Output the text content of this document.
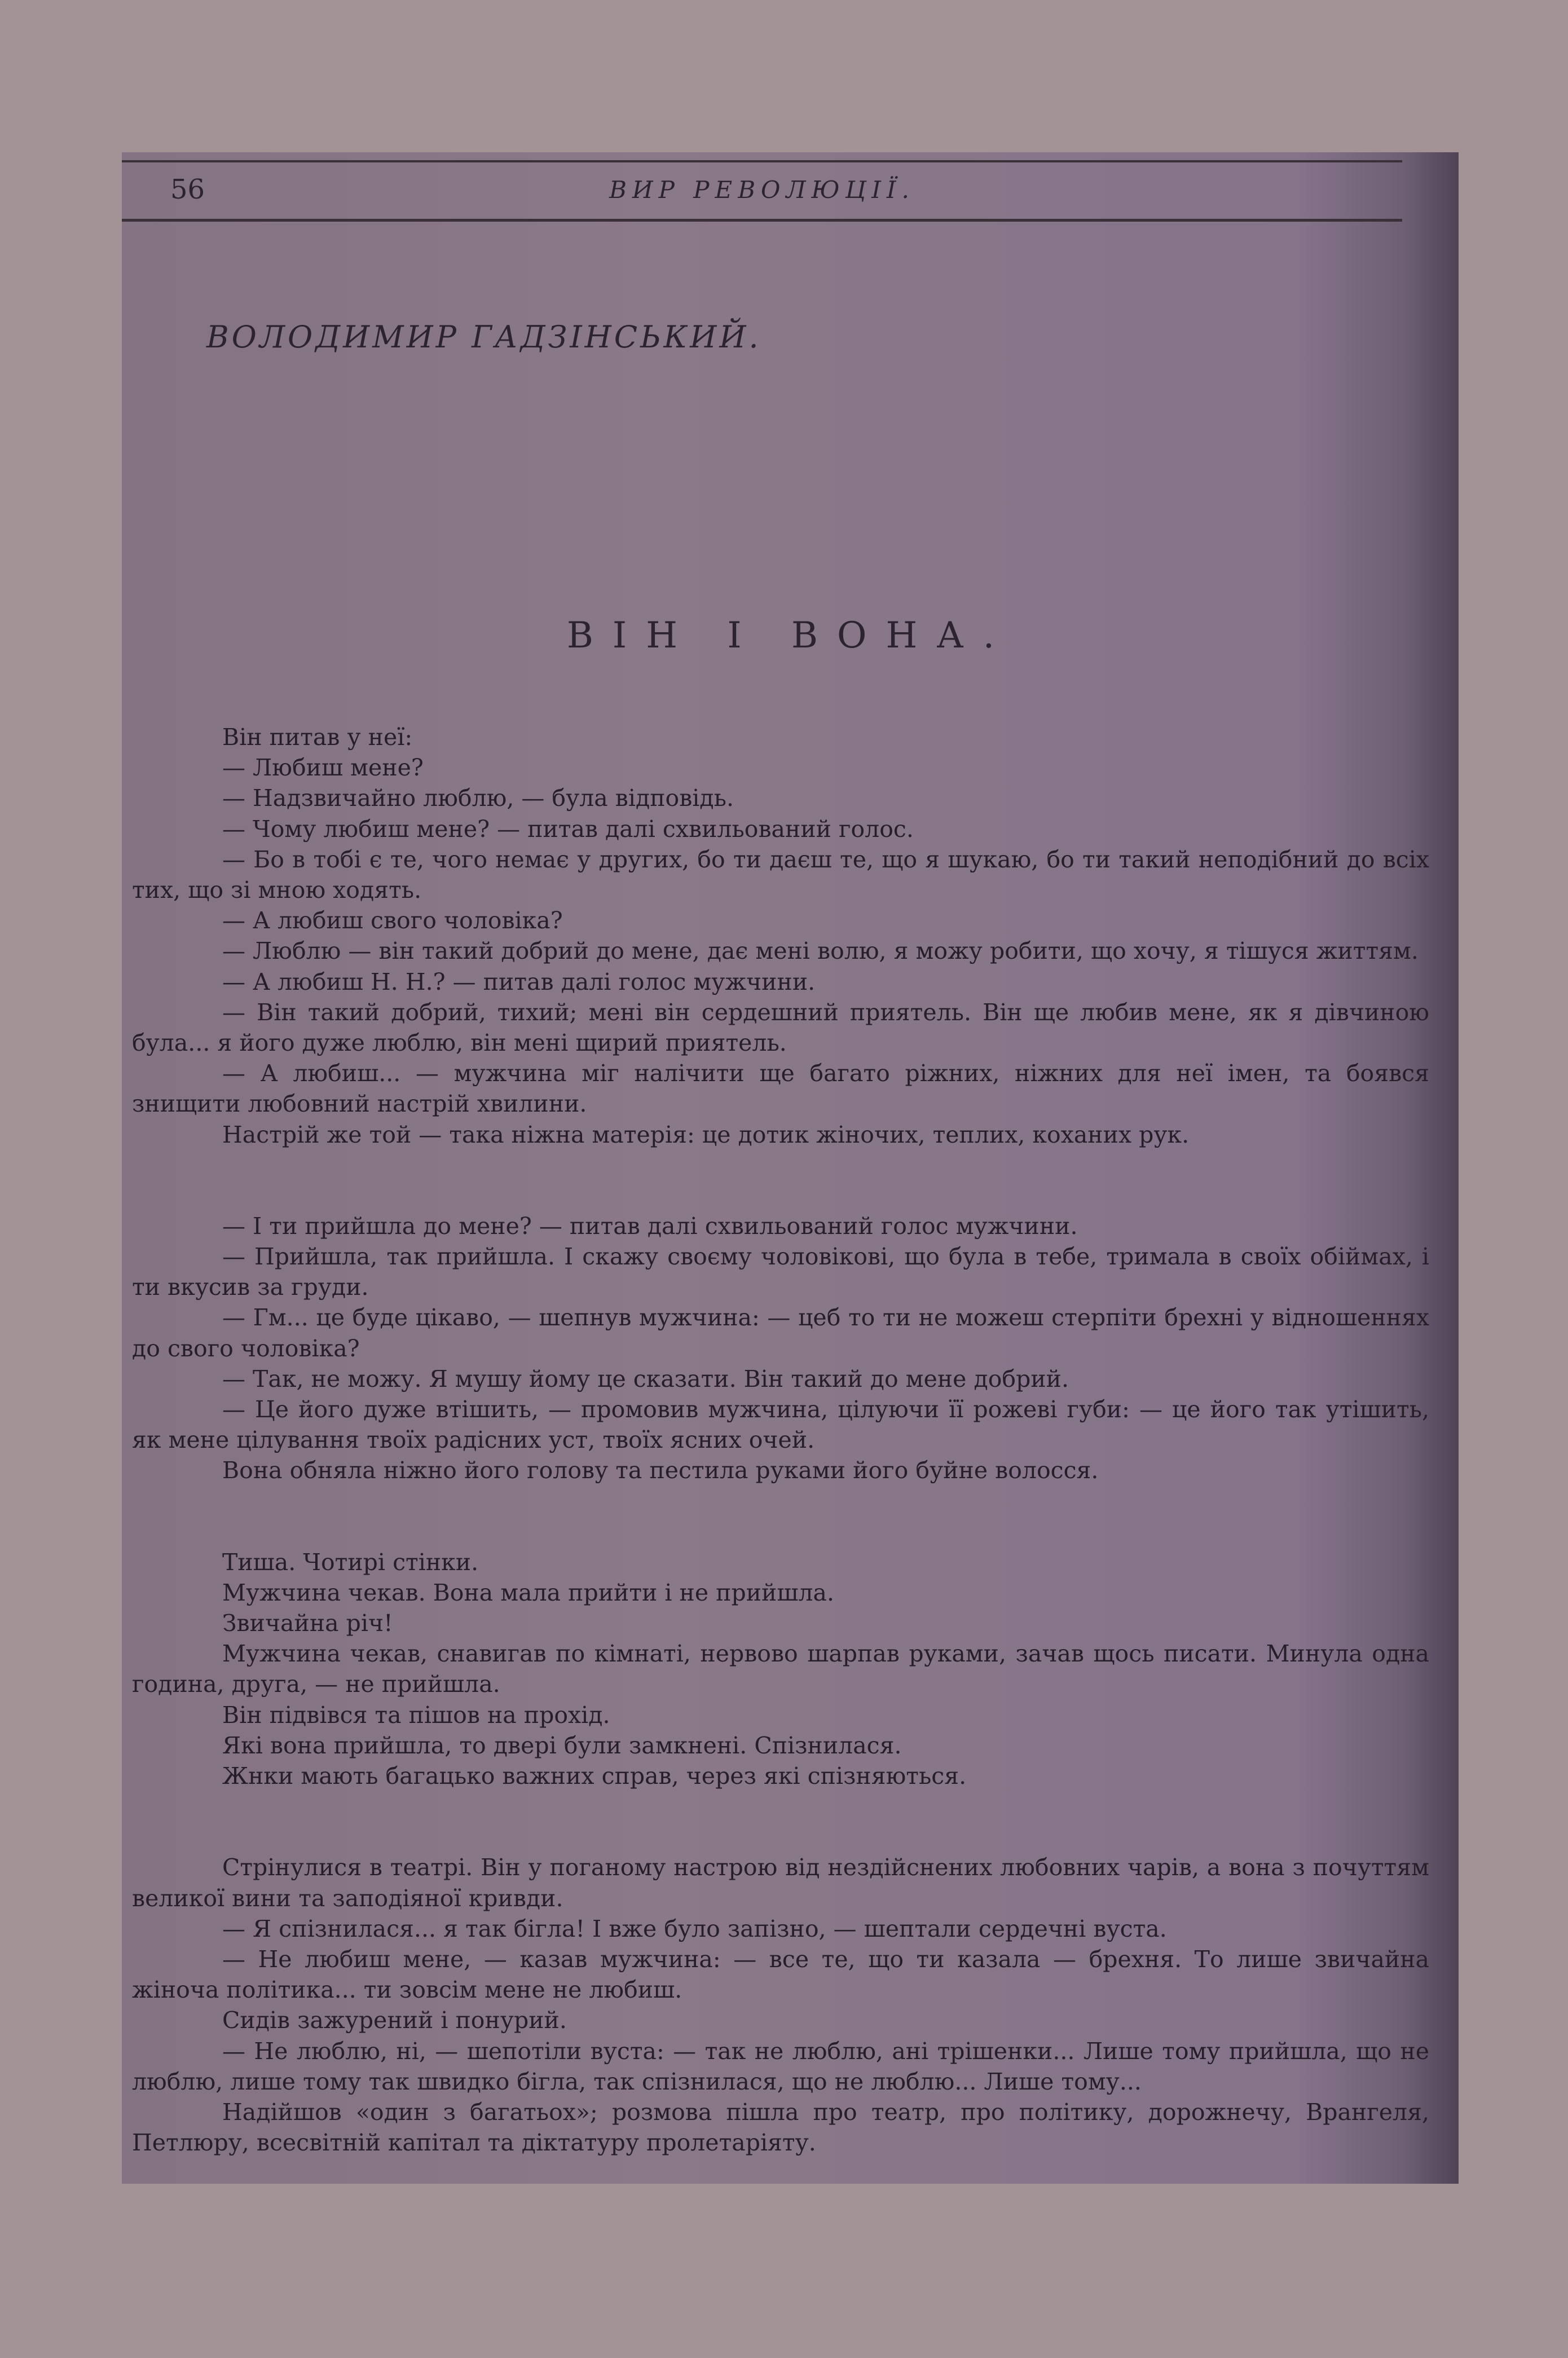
56	ВИР РЕВОЛЮЦІЇ.
ВОЛОДИМИР ГАДЗІНСЬКИЙ.
ВІН І ВОНА.

Він питав у неї:

— Любиш мене?

— Надзвичайно люблю, — була відповідь.

— Чому любиш мене? — питав далі схвильований голос.

— Бо в тобі є те, чого немає у других, бо ти даєш те, що я шукаю, бо ти такий неподібний до всіх тих, що зі мною ходять.

— А любиш свого чоловіка?

— Люблю — він такий добрий до мене, дає мені волю, я можу робити, що хочу, я тішуся життям.

— А любиш Н. Н.? — питав далі голос мужчини.

— Він такий добрий, тихий; мені він сердешний приятель. Він ще любив мене, як я дівчиною була... я його дуже люблю, він мені щирий приятель.

— А любиш... — мужчина міг налічити ще багато ріжних, ніжних для неї імен, та боявся знищити любовний настрій хвилини.

Настрій же той — така ніжна матерія: це дотик жіночих, теплих, коханих рук.

— І ти прийшла до мене? — питав далі схвильований голос мужчини.

— Прийшла, так прийшла. І скажу своєму чоловікові, що була в тебе, тримала в своїх обіймах, і ти вкусив за груди.

— Гм... це буде цікаво, — шепнув мужчина: — цеб то ти не можеш стерпіти брехні у відношеннях до свого чоловіка?

— Так, не можу. Я мушу йому це сказати. Він такий до мене добрий.

— Це його дуже втішить, — промовив мужчина, цілуючи її рожеві губи: — це його так утішить, як мене цілування твоїх радісних уст, твоїх ясних очей.

Вона обняла ніжно його голову та пестила руками його буйне волосся.

Тиша. Чотирі стінки.

Мужчина чекав. Вона мала прийти і не прийшла.

Звичайна річ!

Мужчина чекав, снавигав по кімнаті, нервово шарпав руками, зачав щось писати. Минула одна година, друга, — не прийшла.

Він підвівся та пішов на прохід.

Які вона прийшла, то двері були замкнені. Спізнилася.

Жнки мають багацько важних справ, через які спізняються.

Стрінулися в театрі. Він у поганому настрою від нездійснених любовних чарів, а вона з почуттям великої вини та заподіяної кривди.

— Я спізнилася... я так бігла! І вже було запізно, — шептали сердечні вуста.

— Не любиш мене, — казав мужчина: — все те, що ти казала — брехня. То лише звичайна жіноча політика... ти зовсім мене не любиш.

Сидів зажурений і понурий.

— Не люблю, ні, — шепотіли вуста: — так не люблю, ані трішенки... Лише тому прийшла, що не люблю, лише тому так швидко бігла, так спізнилася, що не люблю... Лише тому...

Надійшов «один з багатьох»; розмова пішла про театр, про політику, дорожнечу, Врангеля, Петлюру, всесвітній капітал та діктатуру пролетаріяту.
